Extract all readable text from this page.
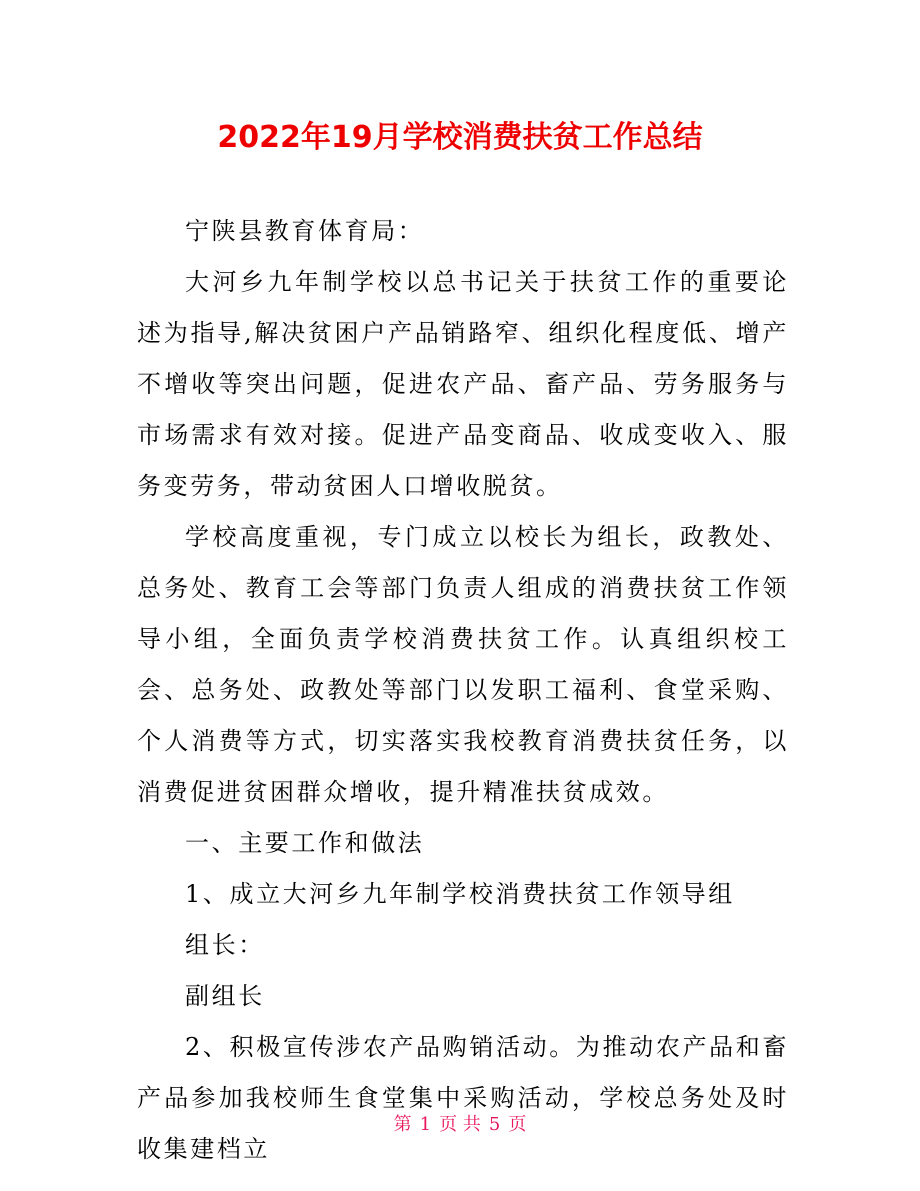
2022年19月学校消费扶贫工作总结

宁陕县教育体育局：

大河乡九年制学校以总书记关于扶贫工作的重要论述为指导,解决贫困户产品销路窄、组织化程度低、增产不增收等突出问题，促进农产品、畜产品、劳务服务与市场需求有效对接。促进产品变商品、收成变收入、服务变劳务，带动贫困人口增收脱贫。

学校高度重视，专门成立以校长为组长，政教处、总务处、教育工会等部门负责人组成的消费扶贫工作领导小组，全面负责学校消费扶贫工作。认真组织校工会、总务处、政教处等部门以发职工福利、食堂采购、个人消费等方式，切实落实我校教育消费扶贫任务，以消费促进贫困群众增收，提升精准扶贫成效。

一、主要工作和做法

1、成立大河乡九年制学校消费扶贫工作领导组

组长：

副组长

2、积极宣传涉农产品购销活动。为推动农产品和畜产品参加我校师生食堂集中采购活动，学校总务处及时收集建档立

第 1 页 共 5 页
